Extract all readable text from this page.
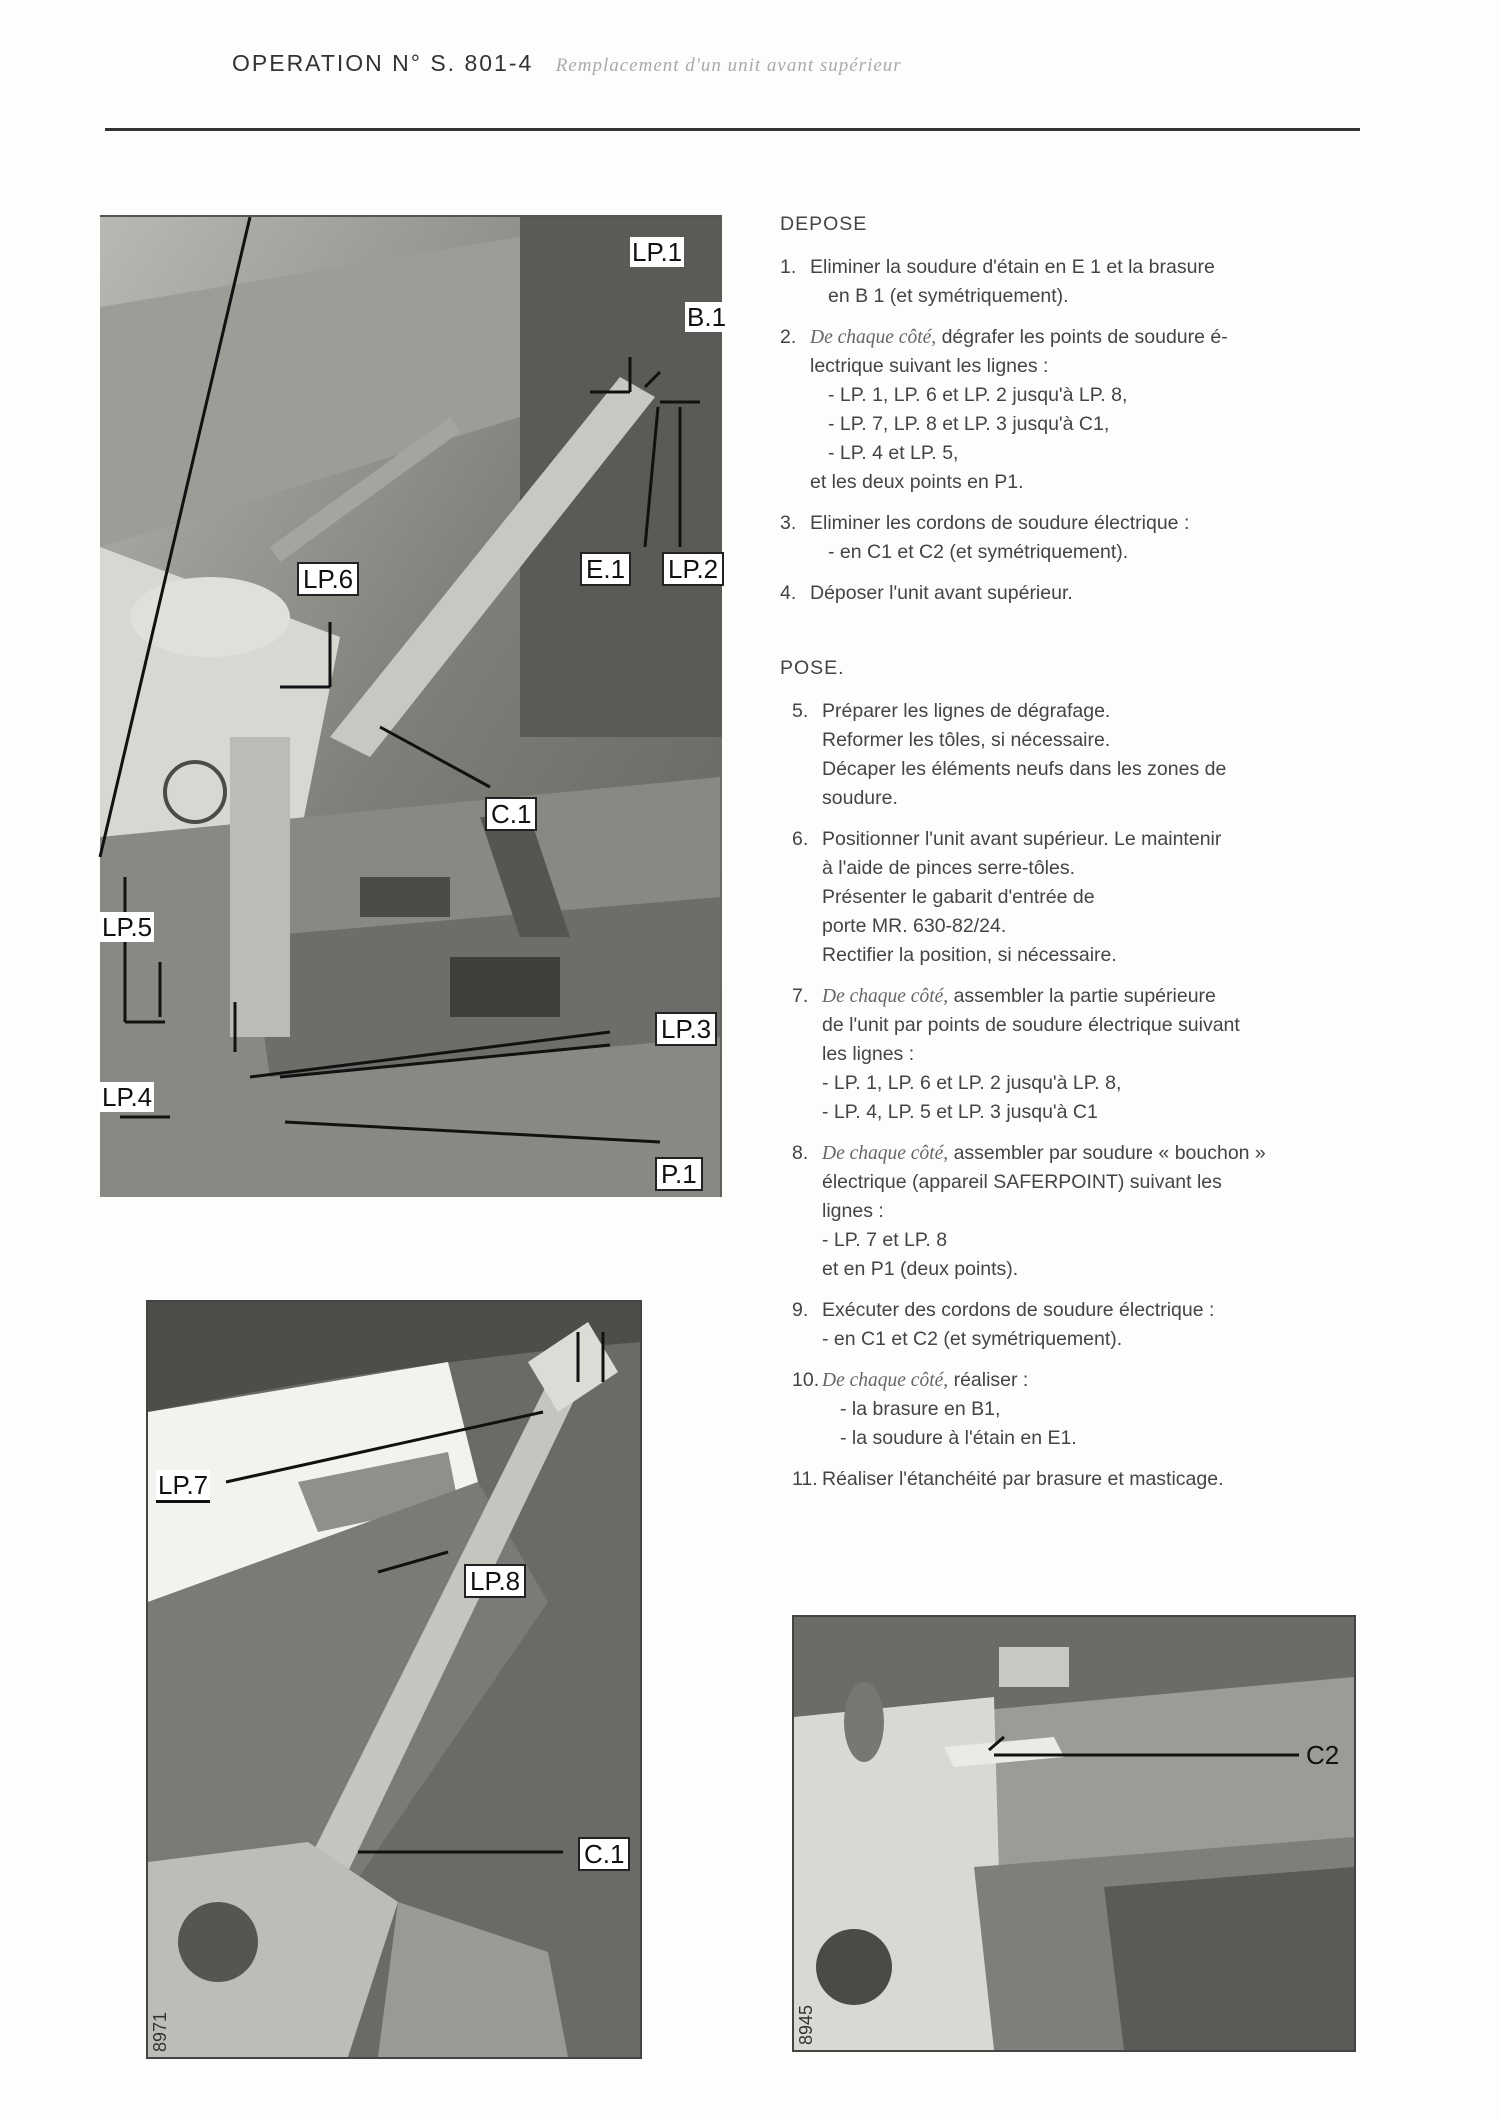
OPERATION N° S. 801-4 Remplacement d'un unit avant supérieur
LP.1
B.1
LP.6	E.1 LP.2
C.1
LP.5
LP.3
LP.4
P.1
LP.7
LP.8
C.1
8971
C2
8945
DEPOSE
1. Eliminer la soudure d'étain en E 1 et la brasure
en B 1 (et symétriquement).
2. De chaque côté, dégrafer les points de soudure é-
lectrique suivant les lignes :
- LP. 1, LP. 6 et LP. 2 jusqu'à LP. 8,
- LP. 7, LP. 8 et LP. 3 jusqu'à C1,
- LP. 4 et LP. 5,
et les deux points en P1.
3. Eliminer les cordons de soudure électrique :
- en C1 et C2 (et symétriquement).
4. Déposer l'unit avant supérieur.
POSE.
5. Préparer les lignes de dégrafage.
Reformer les tôles, si nécessaire.
Décaper les éléments neufs dans les zones de
soudure.
6. Positionner l'unit avant supérieur. Le maintenir
à l'aide de pinces serre-tôles.
Présenter le gabarit d'entrée de
porte MR. 630-82/24.
Rectifier la position, si nécessaire.
7. De chaque côté, assembler la partie supérieure
de l'unit par points de soudure électrique suivant
les lignes :
- LP. 1, LP. 6 et LP. 2 jusqu'à LP. 8,
- LP. 4, LP. 5 et LP. 3 jusqu'à C1
8. De chaque côté, assembler par soudure « bouchon »
électrique (appareil SAFERPOINT) suivant les
lignes :
- LP. 7 et LP. 8
et en P1 (deux points).
9. Exécuter des cordons de soudure électrique :
- en C1 et C2 (et symétriquement).
10. De chaque côté, réaliser :
- la brasure en B1,
- la soudure à l'étain en E1.
11. Réaliser l'étanchéité par brasure et masticage.
